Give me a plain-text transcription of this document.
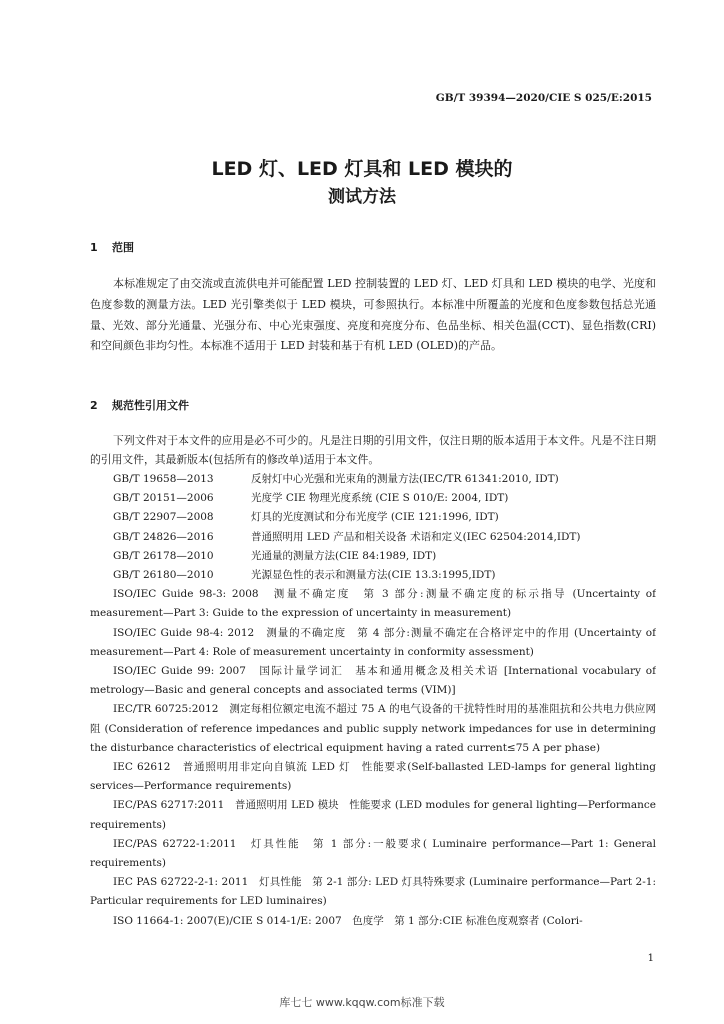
GB/T 39394—2020/CIE S 025/E:2015
LED 灯、LED 灯具和 LED 模块的
测试方法
1 范围

本标准规定了由交流或直流供电并可能配置 LED 控制装置的 LED 灯、LED 灯具和 LED 模块的电学、光度和色度参数的测量方法。LED 光引擎类似于 LED 模块，可参照执行。本标准中所覆盖的光度和色度参数包括总光通量、光效、部分光通量、光强分布、中心光束强度、亮度和亮度分布、色品坐标、相关色温(CCT)、显色指数(CRI)和空间颜色非均匀性。本标准不适用于 LED 封装和基于有机 LED (OLED)的产品。

2 规范性引用文件

下列文件对于本文件的应用是必不可少的。凡是注日期的引用文件，仅注日期的版本适用于本文件。凡是不注日期的引用文件，其最新版本(包括所有的修改单)适用于本文件。

GB/T 19658—2013	反射灯中心光强和光束角的测量方法(IEC/TR 61341:2010, IDT)

GB/T 20151—2006	光度学 CIE 物理光度系统 (CIE S 010/E: 2004, IDT)

GB/T 22907—2008	灯具的光度测试和分布光度学 (CIE 121:1996, IDT)

GB/T 24826—2016	普通照明用 LED 产品和相关设备 术语和定义(IEC 62504:2014,IDT)

GB/T 26178—2010	光通量的测量方法(CIE 84:1989, IDT)

GB/T 26180—2010	光源显色性的表示和测量方法(CIE 13.3:1995,IDT)

ISO/IEC Guide 98-3: 2008　测量不确定度　第 3 部分:测量不确定度的标示指导 (Uncertainty of measurement—Part 3: Guide to the expression of uncertainty in measurement)

ISO/IEC Guide 98-4: 2012　测量的不确定度　第 4 部分:测量不确定在合格评定中的作用 (Uncertainty of measurement—Part 4: Role of measurement uncertainty in conformity assessment)

ISO/IEC Guide 99: 2007　国际计量学词汇　基本和通用概念及相关术语 [International vocabulary of metrology—Basic and general concepts and associated terms (VIM)]

IEC/TR 60725:2012　测定每相位额定电流不超过 75 A 的电气设备的干扰特性时用的基准阻抗和公共电力供应网阻 (Consideration of reference impedances and public supply network impedances for use in determining the disturbance characteristics of electrical equipment having a rated current≤75 A per phase)

IEC 62612　普通照明用非定向自镇流 LED 灯　性能要求(Self-ballasted LED-lamps for general lighting services—Performance requirements)

IEC/PAS 62717:2011　普通照明用 LED 模块　性能要求 (LED modules for general lighting—Performance requirements)

IEC/PAS 62722-1:2011　灯具性能　第 1 部分:一般要求( Luminaire performance—Part 1: General requirements)

IEC PAS 62722-2-1: 2011　灯具性能　第 2-1 部分: LED 灯具特殊要求 (Luminaire performance—Part 2-1: Particular requirements for LED luminaires)

ISO 11664-1: 2007(E)/CIE S 014-1/E: 2007　色度学　第 1 部分:CIE 标准色度观察者 (Colori-

1
库七七 www.kqqw.com标准下载
